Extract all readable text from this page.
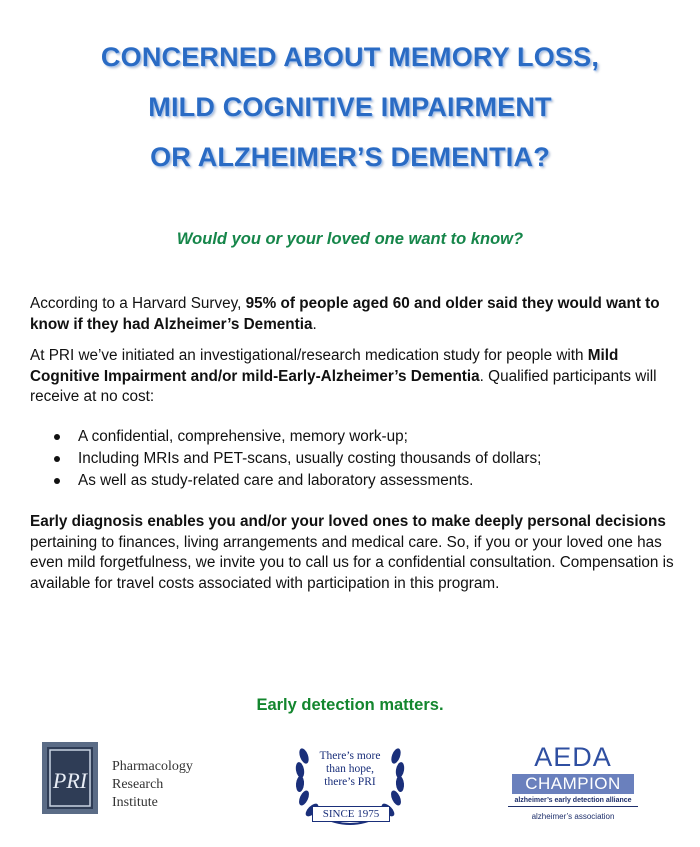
CONCERNED ABOUT MEMORY LOSS,
MILD COGNITIVE IMPAIRMENT
OR ALZHEIMER’S DEMENTIA?
Would you or your loved one want to know?

According to a Harvard Survey, 95% of people aged 60 and older said they would want to know if they had Alzheimer’s Dementia.

At PRI we’ve initiated an investigational/research medication study for people with Mild Cognitive Impairment and/or mild-Early-Alzheimer’s Dementia. Qualified participants will receive at no cost:

A confidential, comprehensive, memory work-up;
Including MRIs and PET-scans, usually costing thousands of dollars;
As well as study-related care and laboratory assessments.

Early diagnosis enables you and/or your loved ones to make deeply personal decisions pertaining to finances, living arrangements and medical care. So, if you or your loved one has even mild forgetfulness, we invite you to call us for a confidential consultation. Compensation is available for travel costs associated with participation in this program.

Early detection matters.
PRI
Pharmacology
Research
Institute
There’s more
than hope,
there’s PRI
SINCE 1975
AEDA
CHAMPION
alzheimer’s early detection alliance
alzheimer’s association
